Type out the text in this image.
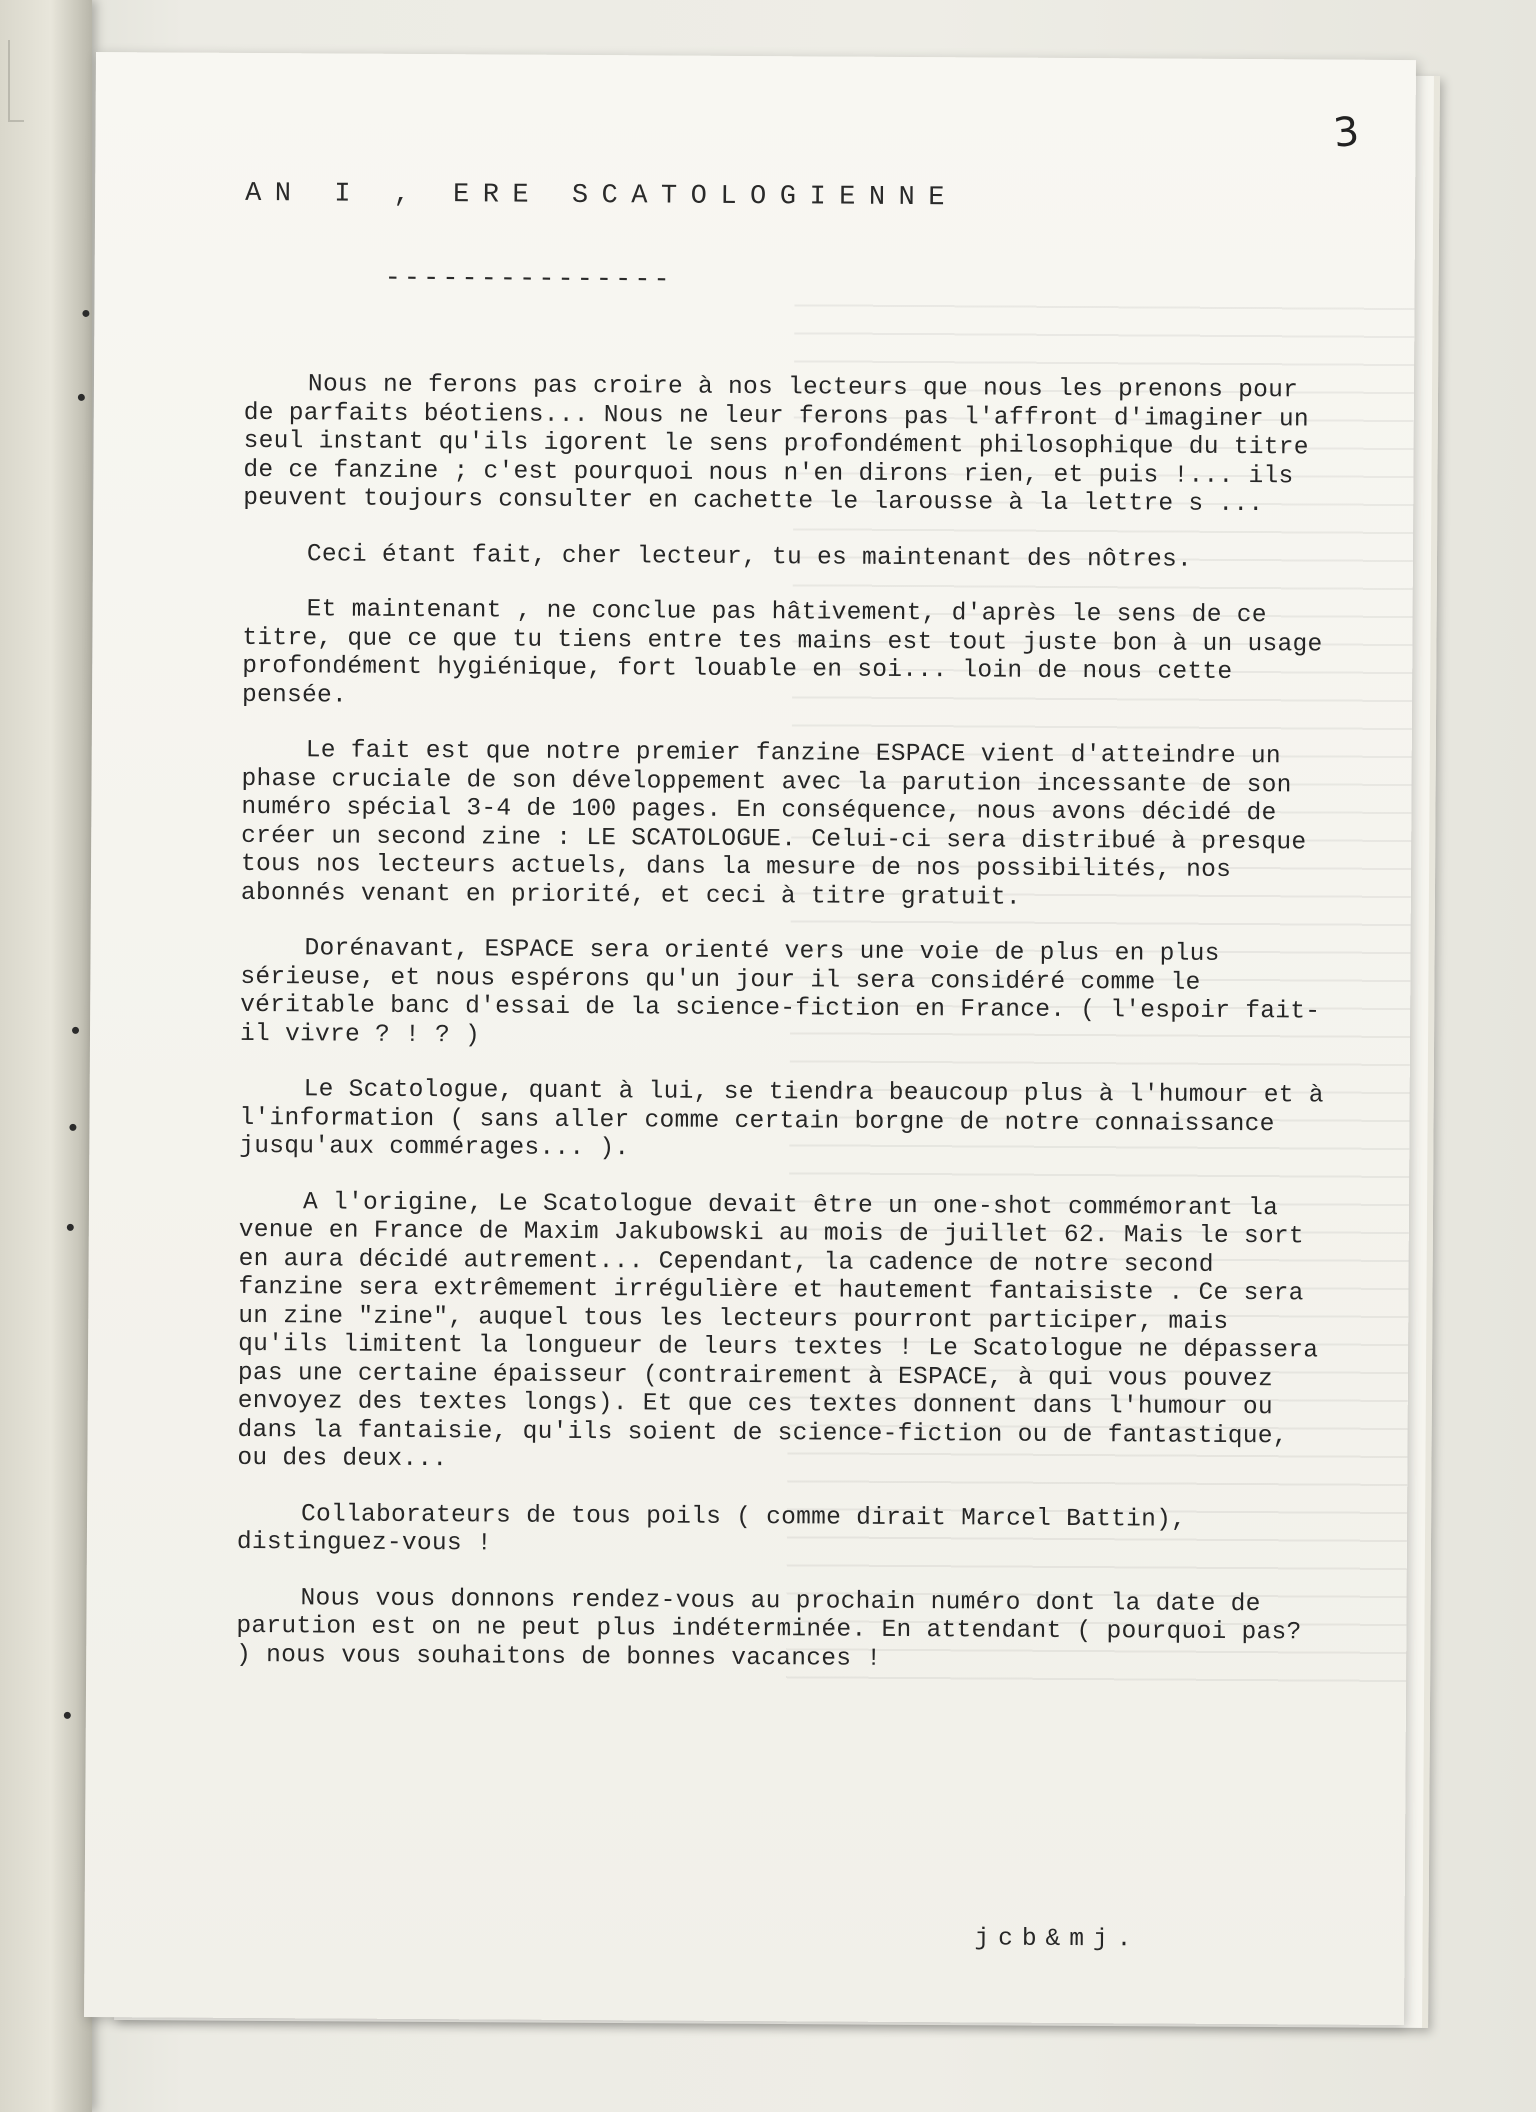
3
AN I , ERE SCATOLOGIENNE
---------------

Nous ne ferons pas croire à nos lecteurs que nous les prenons pour de parfaits béotiens... Nous ne leur ferons pas l'affront d'imaginer un seul instant qu'ils igorent le sens profondément philosophique du titre de ce fanzine ; c'est pourquoi nous n'en dirons rien, et puis !... ils peuvent toujours consulter en cachette le larousse à la lettre s ...

Ceci étant fait, cher lecteur, tu es maintenant des nôtres.

Et maintenant , ne conclue pas hâtivement, d'après le sens de ce titre, que ce que tu tiens entre tes mains est tout juste bon à un usage profondément hygiénique, fort louable en soi... loin de nous cette pensée.

Le fait est que notre premier fanzine ESPACE vient d'atteindre un phase cruciale de son développement avec la parution incessante de son numéro spécial 3-4 de 100 pages. En conséquence, nous avons décidé de créer un second zine : LE SCATOLOGUE. Celui-ci sera distribué à presque tous nos lecteurs actuels, dans la mesure de nos possibilités, nos abonnés venant en priorité, et ceci à titre gratuit.

Dorénavant, ESPACE sera orienté vers une voie de plus en plus sérieuse, et nous espérons qu'un jour il sera considéré comme le véritable banc d'essai de la science-fiction en France. ( l'espoir fait-il vivre ? ! ? )

Le Scatologue, quant à lui, se tiendra beaucoup plus à l'humour et à l'information ( sans aller comme certain borgne de notre connaissance jusqu'aux commérages... ).

A l'origine, Le Scatologue devait être un one-shot commémorant la venue en France de Maxim Jakubowski au mois de juillet 62. Mais le sort en aura décidé autrement... Cependant, la cadence de notre second fanzine sera extrêmement irrégulière et hautement fantaisiste . Ce sera un zine "zine", auquel tous les lecteurs pourront participer, mais qu'ils limitent la longueur de leurs textes ! Le Scatologue ne dépassera pas une certaine épaisseur (contrairement à ESPACE, à qui vous pouvez envoyez des textes longs). Et que ces textes donnent dans l'humour ou dans la fantaisie, qu'ils soient de science-fiction ou de fantastique, ou des deux...

Collaborateurs de tous poils ( comme dirait Marcel Battin), distinguez-vous !

Nous vous donnons rendez-vous au prochain numéro dont la date de parution est on ne peut plus indéterminée. En attendant ( pourquoi pas? ) nous vous souhaitons de bonnes vacances !

jcb&mj.
